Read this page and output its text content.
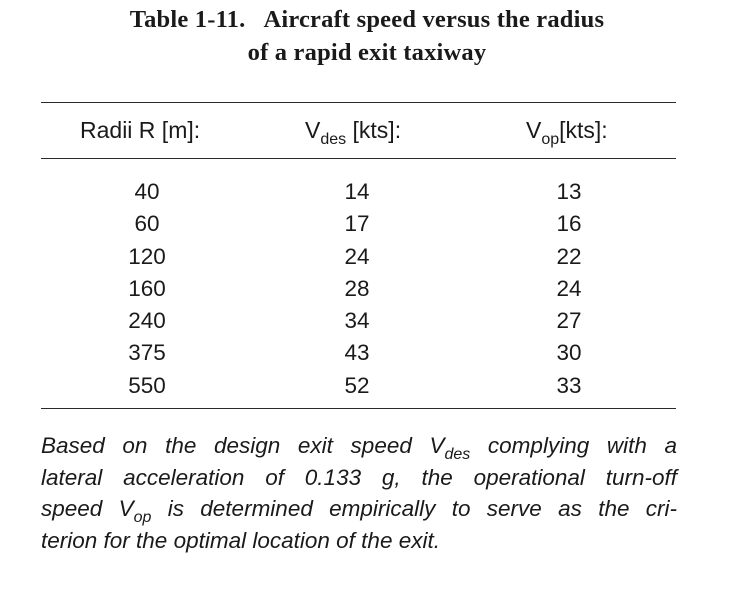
Table 1-11. Aircraft speed versus the radius
of a rapid exit taxiway
Radii R [m]:	$V_{des}$ [kts]:	$V_{op}[kts]$:
40	14	13
60	17	16
120	24	22
160	28	24
240	34	27
375	43	30
550	52	33
Based on the design exit speed $V_{des}$ complying with a
lateral acceleration of 0.133 g, the operational turn-off
speed $V_{op}$ is determined empirically to serve as the cri-
terion for the optimal location of the exit.
